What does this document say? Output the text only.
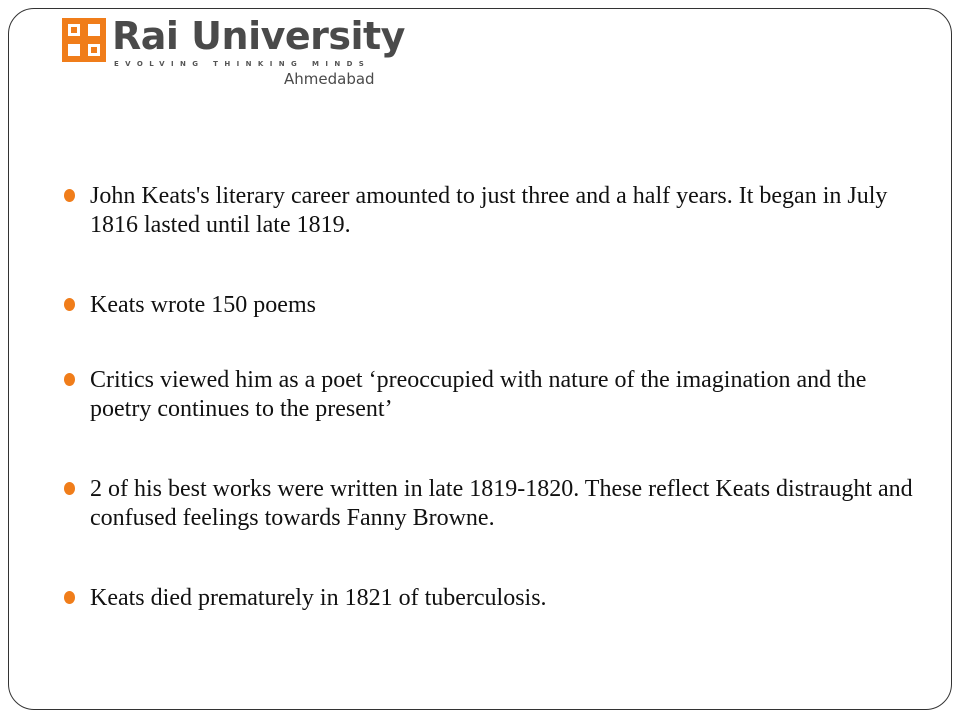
Rai University
EVOLVING THINKING MINDS
Ahmedabad
John Keats's literary career amounted to just three and a half years. It began in July 1816 lasted until late 1819.
Keats wrote 150 poems
Critics viewed him as a poet ‘preoccupied with nature of the imagination and the poetry continues to the present’
2 of his best works were written in late 1819-1820. These reflect Keats distraught and confused feelings towards Fanny Browne.
Keats died prematurely in 1821 of tuberculosis.
